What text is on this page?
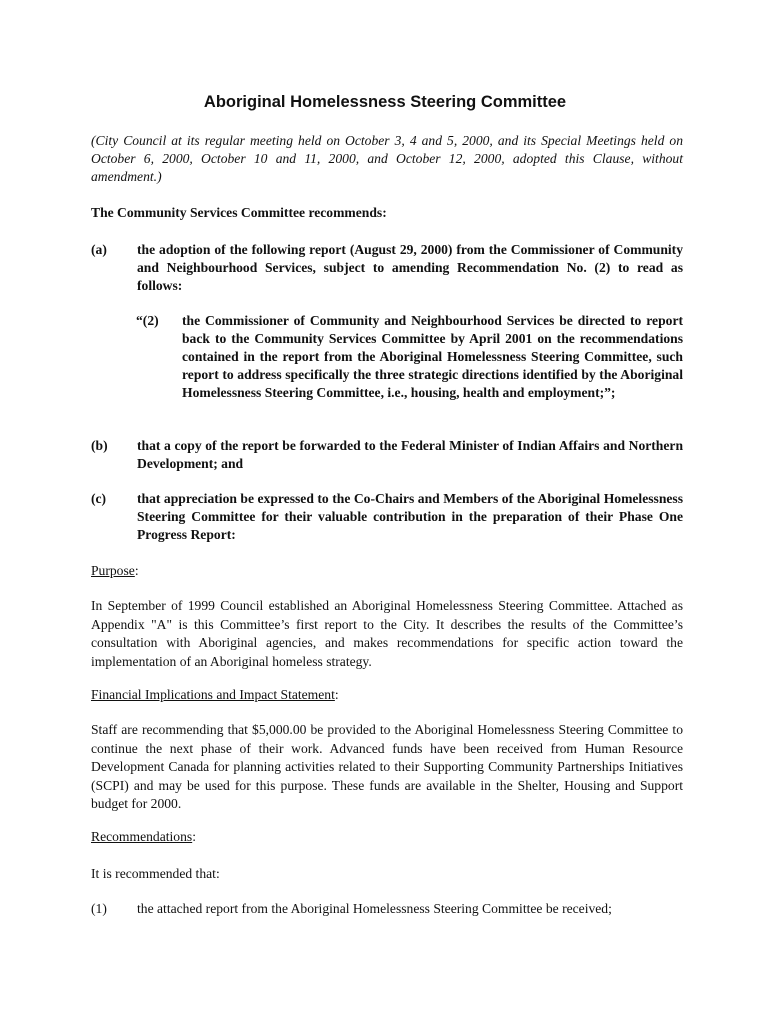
Aboriginal Homelessness Steering Committee
(City Council at its regular meeting held on October 3, 4 and 5, 2000, and its Special Meetings held on October 6, 2000, October 10 and 11, 2000, and October 12, 2000, adopted this Clause, without amendment.)
The Community Services Committee recommends:
(a) the adoption of the following report (August 29, 2000) from the Commissioner of Community and Neighbourhood Services, subject to amending Recommendation No. (2) to read as follows:
“(2) the Commissioner of Community and Neighbourhood Services be directed to report back to the Community Services Committee by April 2001 on the recommendations contained in the report from the Aboriginal Homelessness Steering Committee, such report to address specifically the three strategic directions identified by the Aboriginal Homelessness Steering Committee, i.e., housing, health and employment;”;
(b) that a copy of the report be forwarded to the Federal Minister of Indian Affairs and Northern Development; and
(c) that appreciation be expressed to the Co-Chairs and Members of the Aboriginal Homelessness Steering Committee for their valuable contribution in the preparation of their Phase One Progress Report:
Purpose:
In September of 1999 Council established an Aboriginal Homelessness Steering Committee. Attached as Appendix "A" is this Committee’s first report to the City. It describes the results of the Committee’s consultation with Aboriginal agencies, and makes recommendations for specific action toward the implementation of an Aboriginal homeless strategy.
Financial Implications and Impact Statement:
Staff are recommending that $5,000.00 be provided to the Aboriginal Homelessness Steering Committee to continue the next phase of their work. Advanced funds have been received from Human Resource Development Canada for planning activities related to their Supporting Community Partnerships Initiatives (SCPI) and may be used for this purpose. These funds are available in the Shelter, Housing and Support budget for 2000.
Recommendations:
It is recommended that:
(1) the attached report from the Aboriginal Homelessness Steering Committee be received;
